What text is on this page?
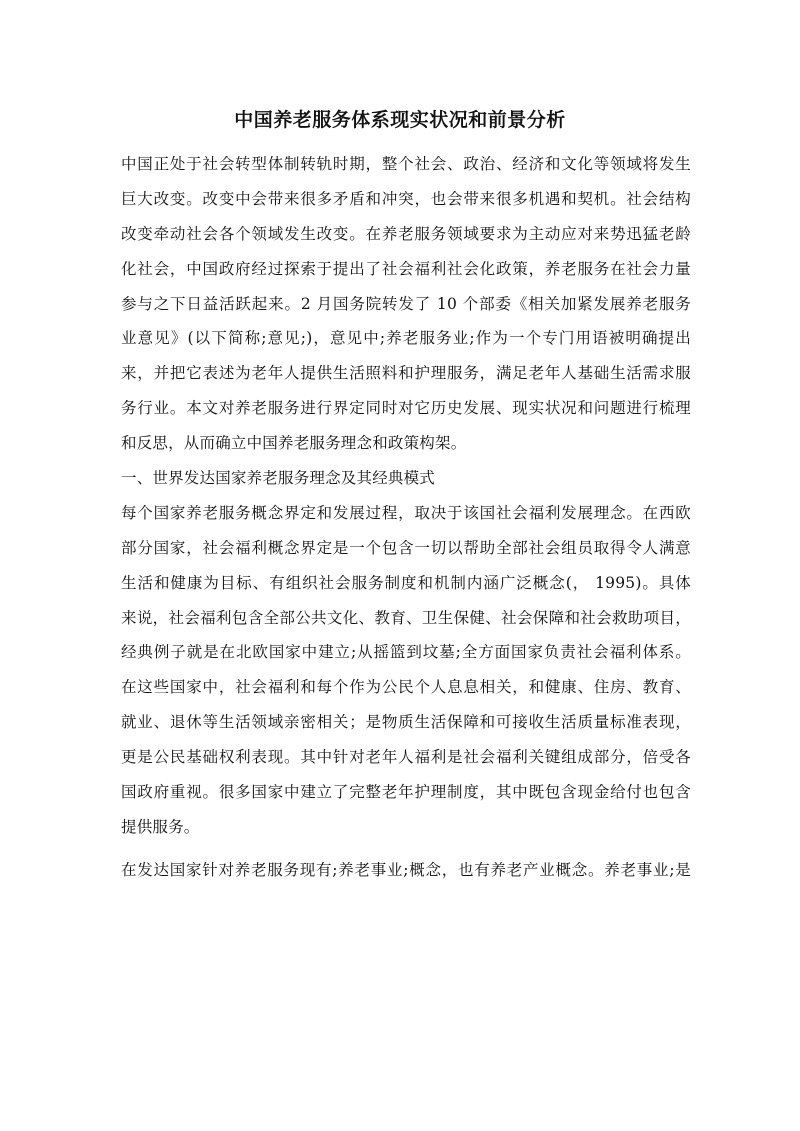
中国养老服务体系现实状况和前景分析
中国正处于社会转型体制转轨时期，整个社会、政治、经济和文化等领域将发生
巨大改变。改变中会带来很多矛盾和冲突，也会带来很多机遇和契机。社会结构
改变牵动社会各个领域发生改变。在养老服务领域要求为主动应对来势迅猛老龄
化社会，中国政府经过探索于提出了社会福利社会化政策，养老服务在社会力量
参与之下日益活跃起来。2 月国务院转发了 10 个部委《相关加紧发展养老服务
业意见》(以下简称;意见;)，意见中;养老服务业;作为一个专门用语被明确提出
来，并把它表述为老年人提供生活照料和护理服务，满足老年人基础生活需求服
务行业。本文对养老服务进行界定同时对它历史发展、现实状况和问题进行梳理
和反思，从而确立中国养老服务理念和政策构架。
一、世界发达国家养老服务理念及其经典模式
每个国家养老服务概念界定和发展过程，取决于该国社会福利发展理念。在西欧
部分国家，社会福利概念界定是一个包含一切以帮助全部社会组员取得令人满意
生活和健康为目标、有组织社会服务制度和机制内涵广泛概念(， 1995)。具体
来说，社会福利包含全部公共文化、教育、卫生保健、社会保障和社会救助项目，
经典例子就是在北欧国家中建立;从摇篮到坟墓;全方面国家负责社会福利体系。
在这些国家中，社会福利和每个作为公民个人息息相关，和健康、住房、教育、
就业、退休等生活领域亲密相关；是物质生活保障和可接收生活质量标准表现，
更是公民基础权利表现。其中针对老年人福利是社会福利关键组成部分，倍受各
国政府重视。很多国家中建立了完整老年护理制度，其中既包含现金给付也包含
提供服务。
在发达国家针对养老服务现有;养老事业;概念，也有养老产业概念。养老事业;是
